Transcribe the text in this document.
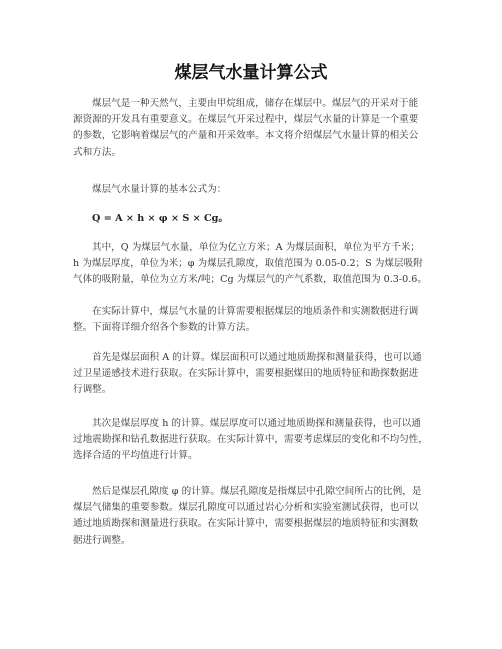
煤层气水量计算公式
煤层气是一种天然气，主要由甲烷组成，储存在煤层中。煤层气的开采对于能
源资源的开发具有重要意义。在煤层气开采过程中，煤层气水量的计算是一个重要
的参数，它影响着煤层气的产量和开采效率。本文将介绍煤层气水量计算的相关公
式和方法。
煤层气水量计算的基本公式为：
Q = A × h × φ × S × Cg。
其中，Q 为煤层气水量，单位为亿立方米；A 为煤层面积，单位为平方千米；
h 为煤层厚度，单位为米；φ 为煤层孔隙度，取值范围为 0.05-0.2；S 为煤层吸附
气体的吸附量，单位为立方米/吨；Cg 为煤层气的产气系数，取值范围为 0.3-0.6。
在实际计算中，煤层气水量的计算需要根据煤层的地质条件和实测数据进行调
整。下面将详细介绍各个参数的计算方法。
首先是煤层面积 A 的计算。煤层面积可以通过地质勘探和测量获得，也可以通
过卫星遥感技术进行获取。在实际计算中，需要根据煤田的地质特征和勘探数据进
行调整。
其次是煤层厚度 h 的计算。煤层厚度可以通过地质勘探和测量获得，也可以通
过地震勘探和钻孔数据进行获取。在实际计算中，需要考虑煤层的变化和不均匀性，
选择合适的平均值进行计算。
然后是煤层孔隙度 φ 的计算。煤层孔隙度是指煤层中孔隙空间所占的比例，是
煤层气储集的重要参数。煤层孔隙度可以通过岩心分析和实验室测试获得，也可以
通过地质勘探和测量进行获取。在实际计算中，需要根据煤层的地质特征和实测数
据进行调整。
